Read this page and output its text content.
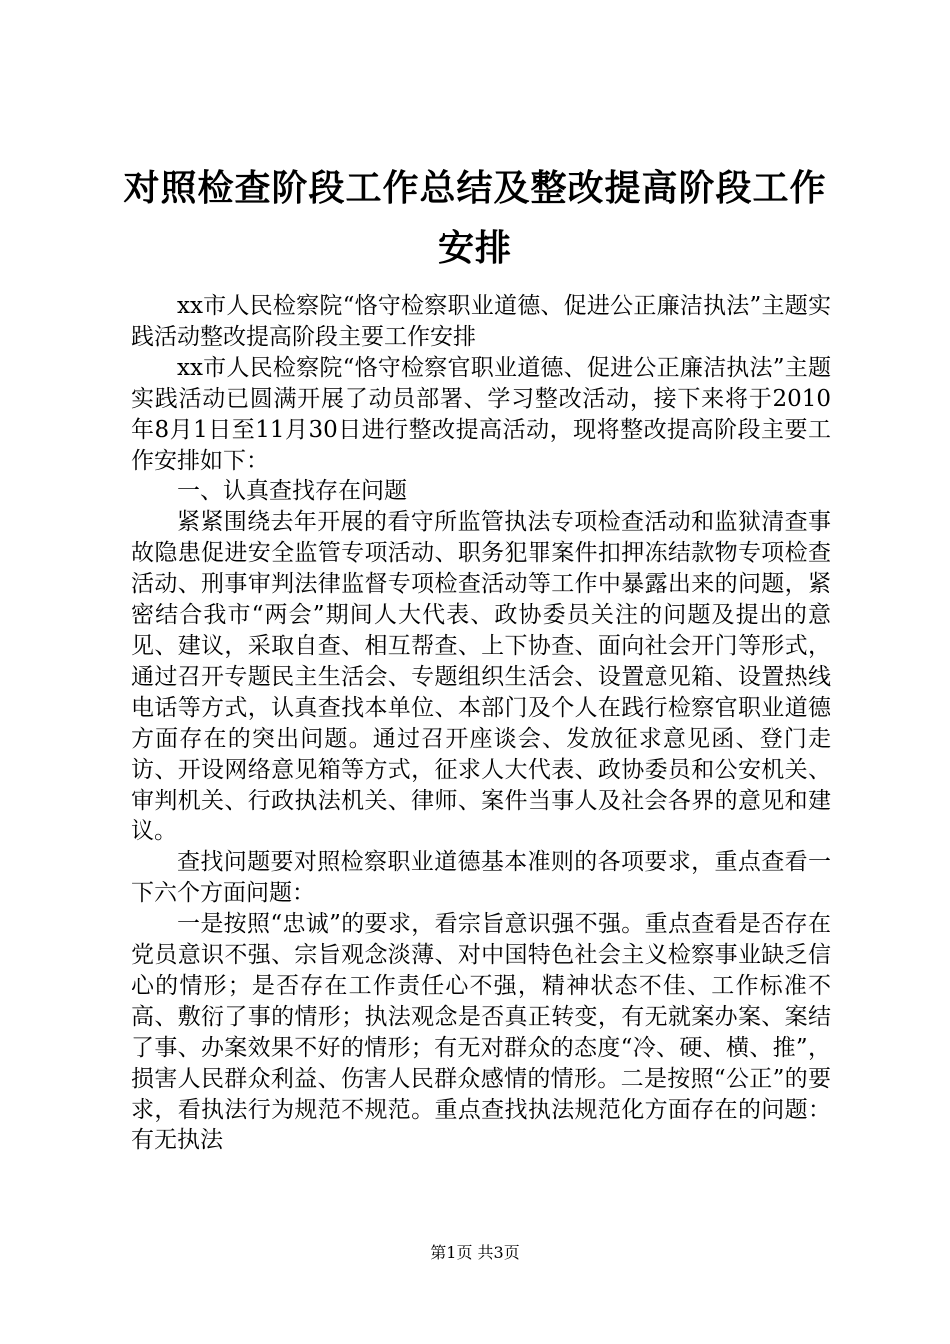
对照检查阶段工作总结及整改提高阶段工作安排

xx市人民检察院“恪守检察职业道德、促进公正廉洁执法”主题实践活动整改提高阶段主要工作安排

xx市人民检察院“恪守检察官职业道德、促进公正廉洁执法”主题实践活动已圆满开展了动员部署、学习整改活动，接下来将于2010年8月1日至11月30日进行整改提高活动，现将整改提高阶段主要工作安排如下：

一、认真查找存在问题

紧紧围绕去年开展的看守所监管执法专项检查活动和监狱清查事故隐患促进安全监管专项活动、职务犯罪案件扣押冻结款物专项检查活动、刑事审判法律监督专项检查活动等工作中暴露出来的问题，紧密结合我市“两会”期间人大代表、政协委员关注的问题及提出的意见、建议，采取自查、相互帮查、上下协查、面向社会开门等形式，通过召开专题民主生活会、专题组织生活会、设置意见箱、设置热线电话等方式，认真查找本单位、本部门及个人在践行检察官职业道德方面存在的突出问题。通过召开座谈会、发放征求意见函、登门走访、开设网络意见箱等方式，征求人大代表、政协委员和公安机关、审判机关、行政执法机关、律师、案件当事人及社会各界的意见和建议。

查找问题要对照检察职业道德基本准则的各项要求，重点查看一下六个方面问题：

一是按照“忠诚”的要求，看宗旨意识强不强。重点查看是否存在党员意识不强、宗旨观念淡薄、对中国特色社会主义检察事业缺乏信心的情形；是否存在工作责任心不强，精神状态不佳、工作标准不高、敷衍了事的情形；执法观念是否真正转变，有无就案办案、案结了事、办案效果不好的情形；有无对群众的态度“冷、硬、横、推”，损害人民群众利益、伤害人民群众感情的情形。二是按照“公正”的要求，看执法行为规范不规范。重点查找执法规范化方面存在的问题：有无执法

第1页 共3页
